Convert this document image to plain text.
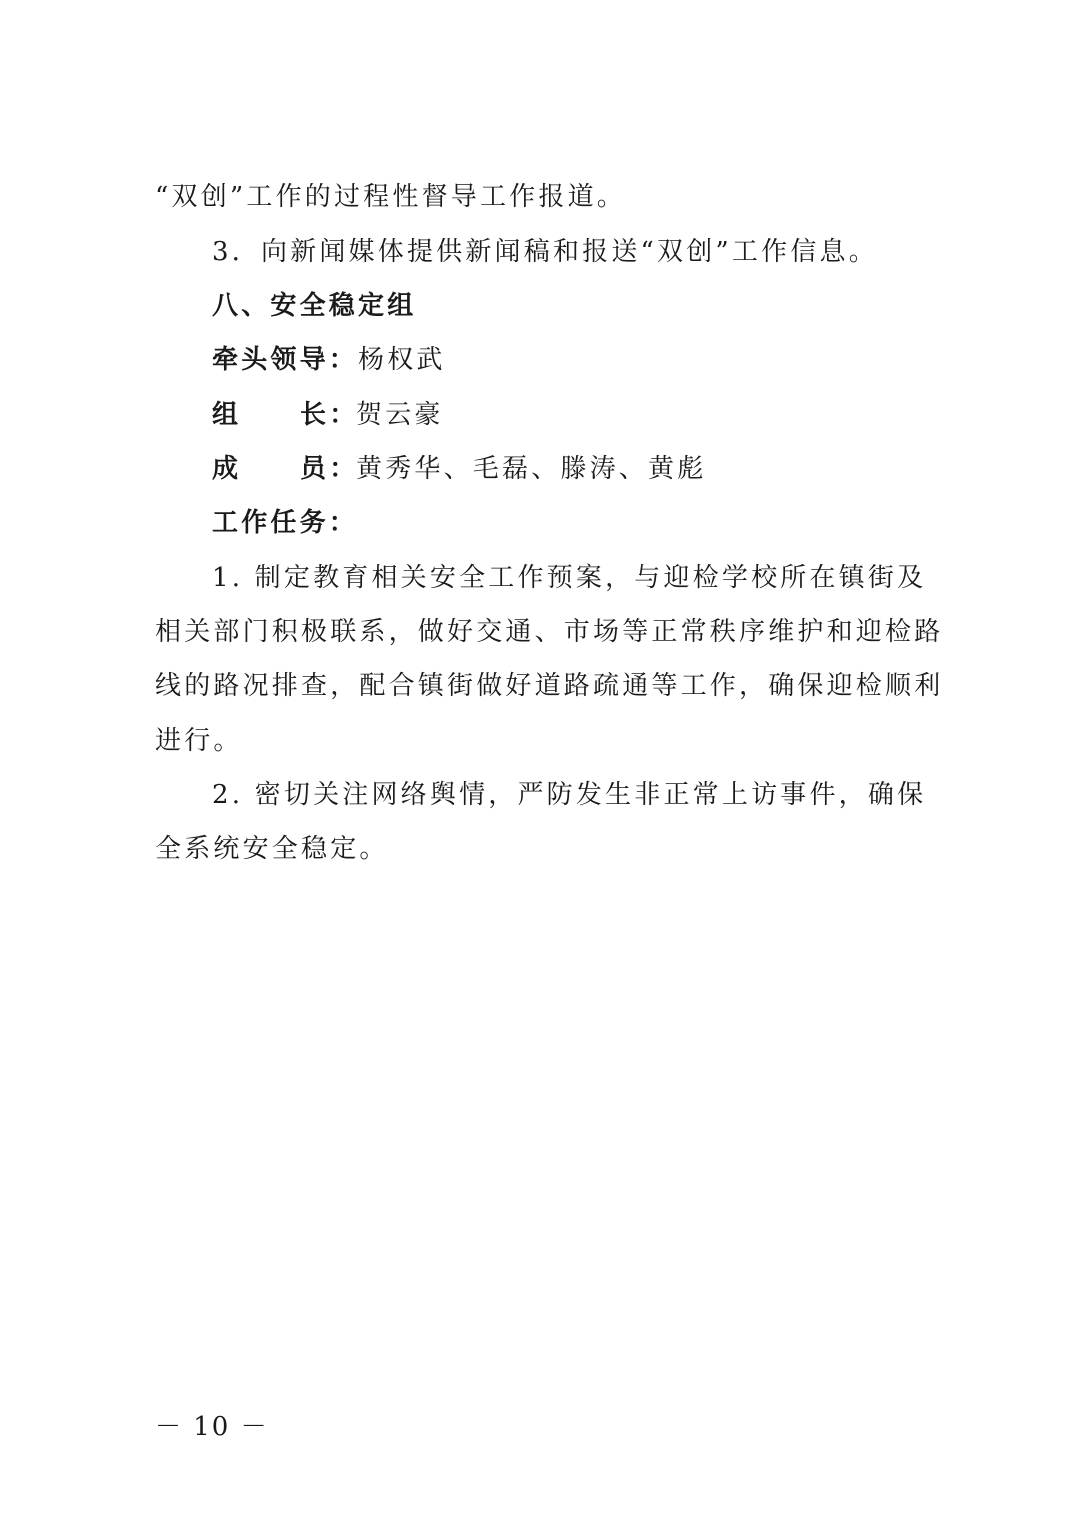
“双创”工作的过程性督导工作报道。
3．向新闻媒体提供新闻稿和报送“双创”工作信息。
八、安全稳定组
牵头领导：杨权武
组 长：贺云豪
成 员：黄秀华、毛磊、滕涛、黄彪
工作任务：
1. 制定教育相关安全工作预案，与迎检学校所在镇街及
相关部门积极联系，做好交通、市场等正常秩序维护和迎检路
线的路况排查，配合镇街做好道路疏通等工作，确保迎检顺利
进行。
2. 密切关注网络舆情，严防发生非正常上访事件，确保
全系统安全稳定。
－ 10 －
